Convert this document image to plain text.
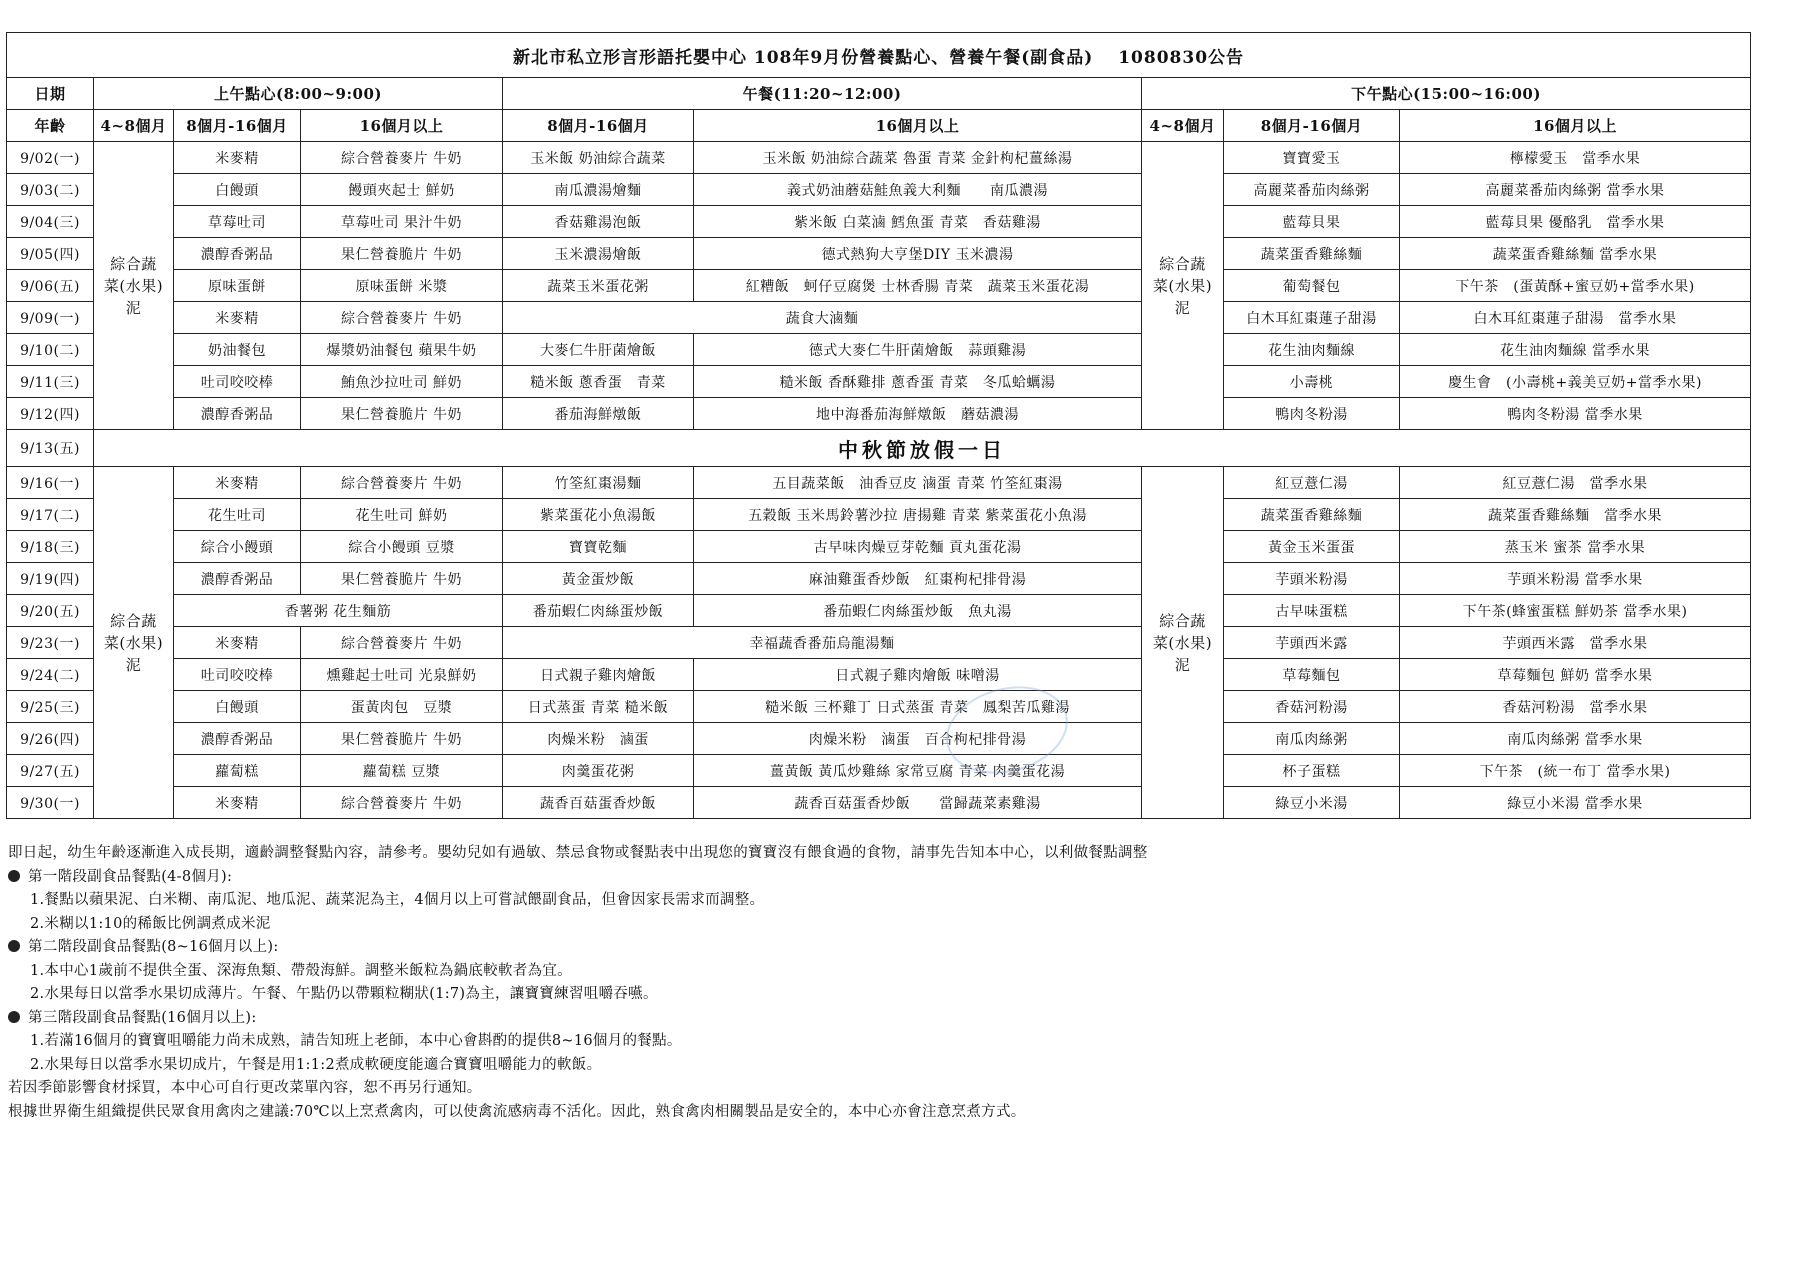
新北市私立形言形語托嬰中心 108年9月份營養點心、營養午餐(副食品)　 1080830公告								
日期	上午點心(8:00~9:00)			午餐(11:20~12:00)		下午點心(15:00~16:00)		
年齡	4~8個月	8個月-16個月	16個月以上	8個月-16個月	16個月以上	4~8個月	8個月-16個月	16個月以上
9/02(一)	綜合蔬菜(水果)泥	米麥精	綜合營養麥片 牛奶	玉米飯 奶油綜合蔬菜	玉米飯 奶油綜合蔬菜 魯蛋 青菜 金針枸杞薑絲湯	綜合蔬菜(水果)泥	寶寶愛玉	檸檬愛玉　當季水果
9/03(二)		白饅頭	饅頭夾起士 鮮奶	南瓜濃湯燴麵	義式奶油蘑菇鮭魚義大利麵　　南瓜濃湯		高麗菜番茄肉絲粥	高麗菜番茄肉絲粥 當季水果
9/04(三)		草莓吐司	草莓吐司 果汁牛奶	香菇雞湯泡飯	紫米飯 白菜滷 鱈魚蛋 青菜　香菇雞湯		藍莓貝果	藍莓貝果 優酪乳　當季水果
9/05(四)		濃醇香粥品	果仁營養脆片 牛奶	玉米濃湯燴飯	德式熱狗大亨堡DIY 玉米濃湯		蔬菜蛋香雞絲麵	蔬菜蛋香雞絲麵 當季水果
9/06(五)		原味蛋餅	原味蛋餅 米漿	蔬菜玉米蛋花粥	紅糟飯　蚵仔豆腐煲 士林香腸 青菜　蔬菜玉米蛋花湯		葡萄餐包	下午茶　(蛋黃酥+蜜豆奶+當季水果)
9/09(一)		米麥精	綜合營養麥片 牛奶	蔬食大滷麵			白木耳紅棗蓮子甜湯	白木耳紅棗蓮子甜湯　當季水果
9/10(二)		奶油餐包	爆漿奶油餐包 蘋果牛奶	大麥仁牛肝菌燴飯	德式大麥仁牛肝菌燴飯　蒜頭雞湯		花生油肉麵線	花生油肉麵線 當季水果
9/11(三)		吐司咬咬棒	鮪魚沙拉吐司 鮮奶	糙米飯 蔥香蛋　青菜	糙米飯 香酥雞排 蔥香蛋 青菜　冬瓜蛤蠣湯		小壽桃	慶生會　(小壽桃+義美豆奶+當季水果)
9/12(四)		濃醇香粥品	果仁營養脆片 牛奶	番茄海鮮燉飯	地中海番茄海鮮燉飯　蘑菇濃湯		鴨肉冬粉湯	鴨肉冬粉湯 當季水果
9/13(五)	中秋節放假一日							
9/16(一)	綜合蔬菜(水果)泥	米麥精	綜合營養麥片 牛奶	竹筌紅棗湯麵	五目蔬菜飯　油香豆皮 滷蛋 青菜 竹筌紅棗湯	綜合蔬菜(水果)泥	紅豆薏仁湯	紅豆薏仁湯　當季水果
9/17(二)		花生吐司	花生吐司 鮮奶	紫菜蛋花小魚湯飯	五穀飯 玉米馬鈴薯沙拉 唐揚雞 青菜 紫菜蛋花小魚湯		蔬菜蛋香雞絲麵	蔬菜蛋香雞絲麵　當季水果
9/18(三)		綜合小饅頭	綜合小饅頭 豆漿	寶寶乾麵	古早味肉燥豆芽乾麵 貢丸蛋花湯		黃金玉米蛋蛋	蒸玉米 蜜茶 當季水果
9/19(四)		濃醇香粥品	果仁營養脆片 牛奶	黃金蛋炒飯	麻油雞蛋香炒飯　紅棗枸杞排骨湯		芋頭米粉湯	芋頭米粉湯 當季水果
9/20(五)		香薯粥 花生麵筋		番茄蝦仁肉絲蛋炒飯	番茄蝦仁肉絲蛋炒飯　魚丸湯		古早味蛋糕	下午茶(蜂蜜蛋糕 鮮奶茶 當季水果)
9/23(一)		米麥精	綜合營養麥片 牛奶	幸福蔬香番茄烏龍湯麵			芋頭西米露	芋頭西米露　當季水果
9/24(二)		吐司咬咬棒	燻雞起士吐司 光泉鮮奶	日式親子雞肉燴飯	日式親子雞肉燴飯 味噌湯		草莓麵包	草莓麵包 鮮奶 當季水果
9/25(三)		白饅頭	蛋黃肉包　豆漿	日式蒸蛋 青菜 糙米飯	糙米飯 三杯雞丁 日式蒸蛋 青菜　鳳梨苦瓜雞湯		香菇河粉湯	香菇河粉湯　當季水果
9/26(四)		濃醇香粥品	果仁營養脆片 牛奶	肉燥米粉　滷蛋	肉燥米粉　滷蛋　百合枸杞排骨湯		南瓜肉絲粥	南瓜肉絲粥 當季水果
9/27(五)		蘿蔔糕	蘿蔔糕 豆漿	肉羹蛋花粥	薑黃飯 黃瓜炒雞絲 家常豆腐 青菜 肉羹蛋花湯		杯子蛋糕	下午茶　(統一布丁 當季水果)
9/30(一)		米麥精	綜合營養麥片 牛奶	蔬香百菇蛋香炒飯	蔬香百菇蛋香炒飯　　當歸蔬菜素雞湯		綠豆小米湯	綠豆小米湯 當季水果
即日起，幼生年齡逐漸進入成長期，適齡調整餐點內容，請參考。嬰幼兒如有過敏、禁忌食物或餐點表中出現您的寶寶沒有餵食過的食物，請事先告知本中心，以利做餐點調整
第一階段副食品餐點(4-8個月):
1.餐點以蘋果泥、白米糊、南瓜泥、地瓜泥、蔬菜泥為主，4個月以上可嘗試餵副食品，但會因家長需求而調整。
2.米糊以1:10的稀飯比例調煮成米泥
第二階段副食品餐點(8~16個月以上):
1.本中心1歲前不提供全蛋、深海魚類、帶殼海鮮。調整米飯粒為鍋底較軟者為宜。
2.水果每日以當季水果切成薄片。午餐、午點仍以帶顆粒糊狀(1:7)為主，讓寶寶練習咀嚼吞嚥。
第三階段副食品餐點(16個月以上):
1.若滿16個月的寶寶咀嚼能力尚未成熟，請告知班上老師，本中心會斟酌的提供8~16個月的餐點。
2.水果每日以當季水果切成片，午餐是用1:1:2煮成軟硬度能適合寶寶咀嚼能力的軟飯。
若因季節影響食材採買，本中心可自行更改菜單內容，恕不再另行通知。
根據世界衛生組織提供民眾食用禽肉之建議:70℃以上烹煮禽肉，可以使禽流感病毒不活化。因此，熟食禽肉相關製品是安全的，本中心亦會注意烹煮方式。
